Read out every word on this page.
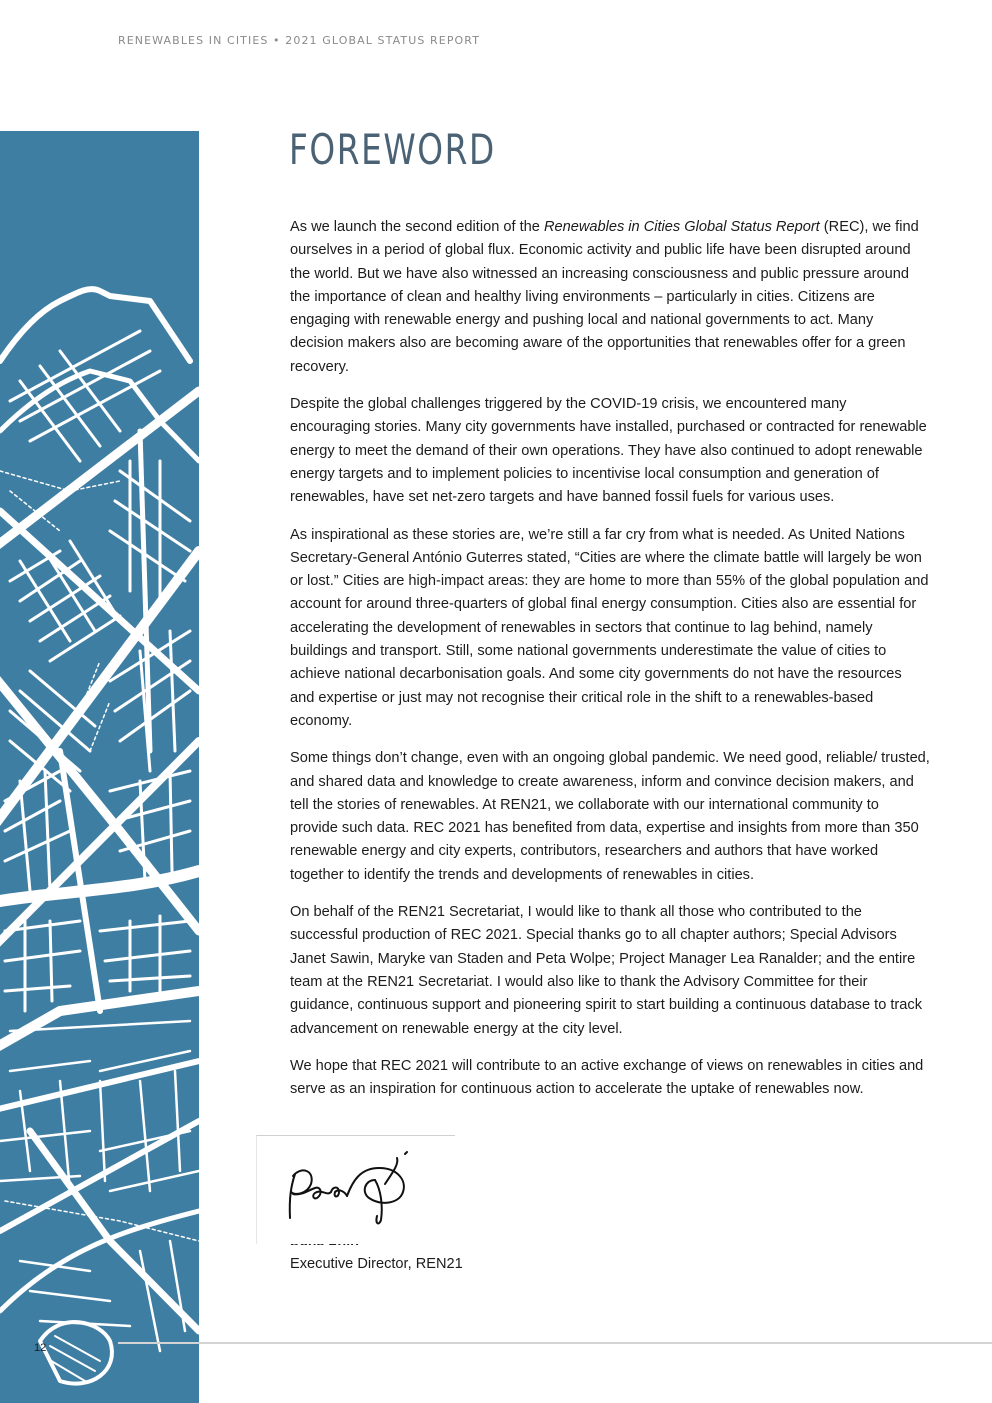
RENEWABLES IN CITIES • 2021 GLOBAL STATUS REPORT
FOREWORD

As we launch the second edition of the Renewables in Cities Global Status Report (REC), we find ourselves in a period of global flux. Economic activity and public life have been disrupted around the world. But we have also witnessed an increasing consciousness and public pressure around the importance of clean and healthy living environments – particularly in cities. Citizens are engaging with renewable energy and pushing local and national governments to act. Many decision makers also are becoming aware of the opportunities that renewables offer for a green recovery.

Despite the global challenges triggered by the COVID-19 crisis, we encountered many encouraging stories. Many city governments have installed, purchased or contracted for renewable energy to meet the demand of their own operations. They have also continued to adopt renewable energy targets and to implement policies to incentivise local consumption and generation of renewables, have set net-zero targets and have banned fossil fuels for various uses.

As inspirational as these stories are, we’re still a far cry from what is needed. As United Nations Secretary-General António Guterres stated, “Cities are where the climate battle will largely be won or lost.” Cities are high-impact areas: they are home to more than 55% of the global population and account for around three-quarters of global final energy consumption. Cities also are essential for accelerating the development of renewables in sectors that continue to lag behind, namely buildings and transport. Still, some national governments underestimate the value of cities to achieve national decarbonisation goals. And some city governments do not have the resources and expertise or just may not recognise their critical role in the shift to a renewables-based economy.

Some things don’t change, even with an ongoing global pandemic. We need good, reliable/ trusted, and shared data and knowledge to create awareness, inform and convince decision makers, and tell the stories of renewables. At REN21, we collaborate with our international community to provide such data. REC 2021 has benefited from data, expertise and insights from more than 350 renewable energy and city experts, contributors, researchers and authors that have worked together to identify the trends and developments of renewables in cities.

On behalf of the REN21 Secretariat, I would like to thank all those who contributed to the successful production of REC 2021. Special thanks go to all chapter authors; Special Advisors Janet Sawin, Maryke van Staden and Peta Wolpe; Project Manager Lea Ranalder; and the entire team at the REN21 Secretariat. I would also like to thank the Advisory Committee for their guidance, continuous support and pioneering spirit to start building a continuous database to track advancement on renewable energy at the city level.

We hope that REC 2021 will contribute to an active exchange of views on renewables in cities and serve as an inspiration for continuous action to accelerate the uptake of renewables now.

Executive Director, REN21
12
